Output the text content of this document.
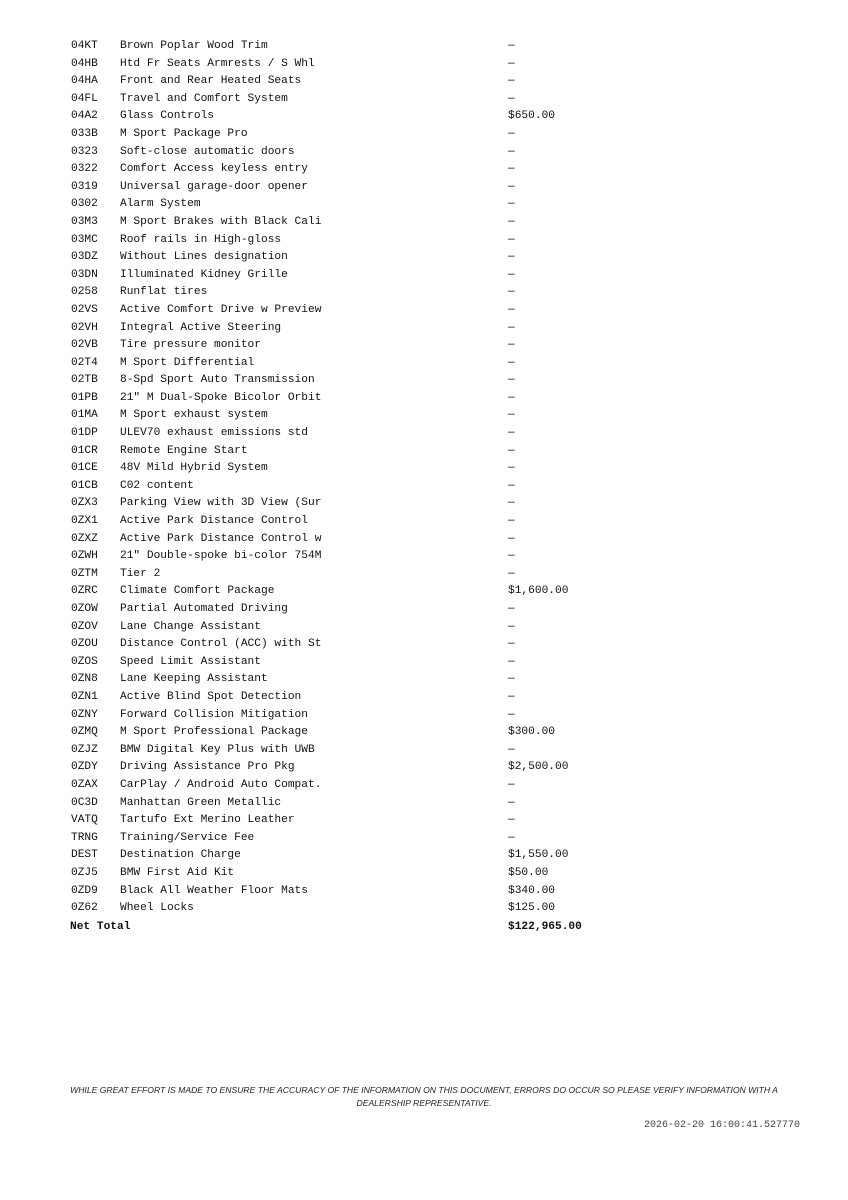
04KT Brown Poplar Wood Trim	—
04HB Htd Fr Seats Armrests / S Whl	—
04HA Front and Rear Heated Seats	—
04FL Travel and Comfort System	—
04A2 Glass Controls	$650.00
033B M Sport Package Pro	—
0323 Soft-close automatic doors	—
0322 Comfort Access keyless entry	—
0319 Universal garage-door opener	—
0302 Alarm System	—
03M3 M Sport Brakes with Black Cali	—
03MC Roof rails in High-gloss	—
03DZ Without Lines designation	—
03DN Illuminated Kidney Grille	—
0258 Runflat tires	—
02VS Active Comfort Drive w Preview	—
02VH Integral Active Steering	—
02VB Tire pressure monitor	—
02T4 M Sport Differential	—
02TB 8-Spd Sport Auto Transmission	—
01PB 21" M Dual-Spoke Bicolor Orbit	—
01MA M Sport exhaust system	—
01DP ULEV70 exhaust emissions std	—
01CR Remote Engine Start	—
01CE 48V Mild Hybrid System	—
01CB C02 content	—
0ZX3 Parking View with 3D View (Sur	—
0ZX1 Active Park Distance Control	—
0ZXZ Active Park Distance Control w	—
0ZWH 21" Double-spoke bi-color 754M	—
0ZTM Tier 2	—
0ZRC Climate Comfort Package	$1,600.00
0ZOW Partial Automated Driving	—
0ZOV Lane Change Assistant	—
0ZOU Distance Control (ACC) with St	—
0ZOS Speed Limit Assistant	—
0ZN8 Lane Keeping Assistant	—
0ZN1 Active Blind Spot Detection	—
0ZNY Forward Collision Mitigation	—
0ZMQ M Sport Professional Package	$300.00
0ZJZ BMW Digital Key Plus with UWB	—
0ZDY Driving Assistance Pro Pkg	$2,500.00
0ZAX CarPlay / Android Auto Compat.	—
0C3D Manhattan Green Metallic	—
VATQ Tartufo Ext Merino Leather	—
TRNG Training/Service Fee	—
DEST Destination Charge	$1,550.00
0ZJ5 BMW First Aid Kit	$50.00
0ZD9 Black All Weather Floor Mats	$340.00
0Z62 Wheel Locks	$125.00
Net Total	$122,965.00
WHILE GREAT EFFORT IS MADE TO ENSURE THE ACCURACY OF THE INFORMATION ON THIS DOCUMENT, ERRORS DO OCCUR SO PLEASE VERIFY INFORMATION WITH A DEALERSHIP REPRESENTATIVE.
2026-02-20 16:00:41.527770
